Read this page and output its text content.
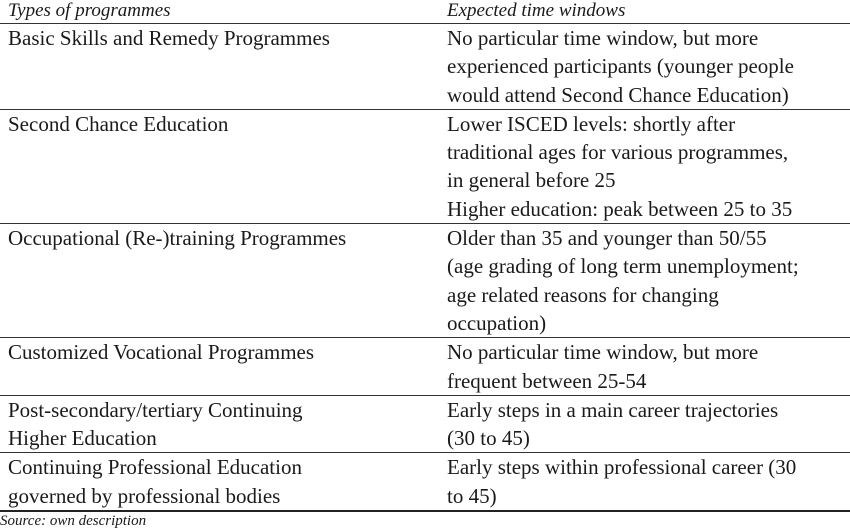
Types of programmes	Expected time windows
Basic Skills and Remedy Programmes	No particular time window, but more
experienced participants (younger people
would attend Second Chance Education)
Second Chance Education	Lower ISCED levels: shortly after
traditional ages for various programmes,
in general before 25
Higher education: peak between 25 to 35
Occupational (Re-)training Programmes	Older than 35 and younger than 50/55
(age grading of long term unemployment;
age related reasons for changing
occupation)
Customized Vocational Programmes	No particular time window, but more
frequent between 25-54
Post-secondary/tertiary Continuing
Higher Education	Early steps in a main career trajectories
(30 to 45)
Continuing Professional Education
governed by professional bodies	Early steps within professional career (30
to 45)
Source: own description
